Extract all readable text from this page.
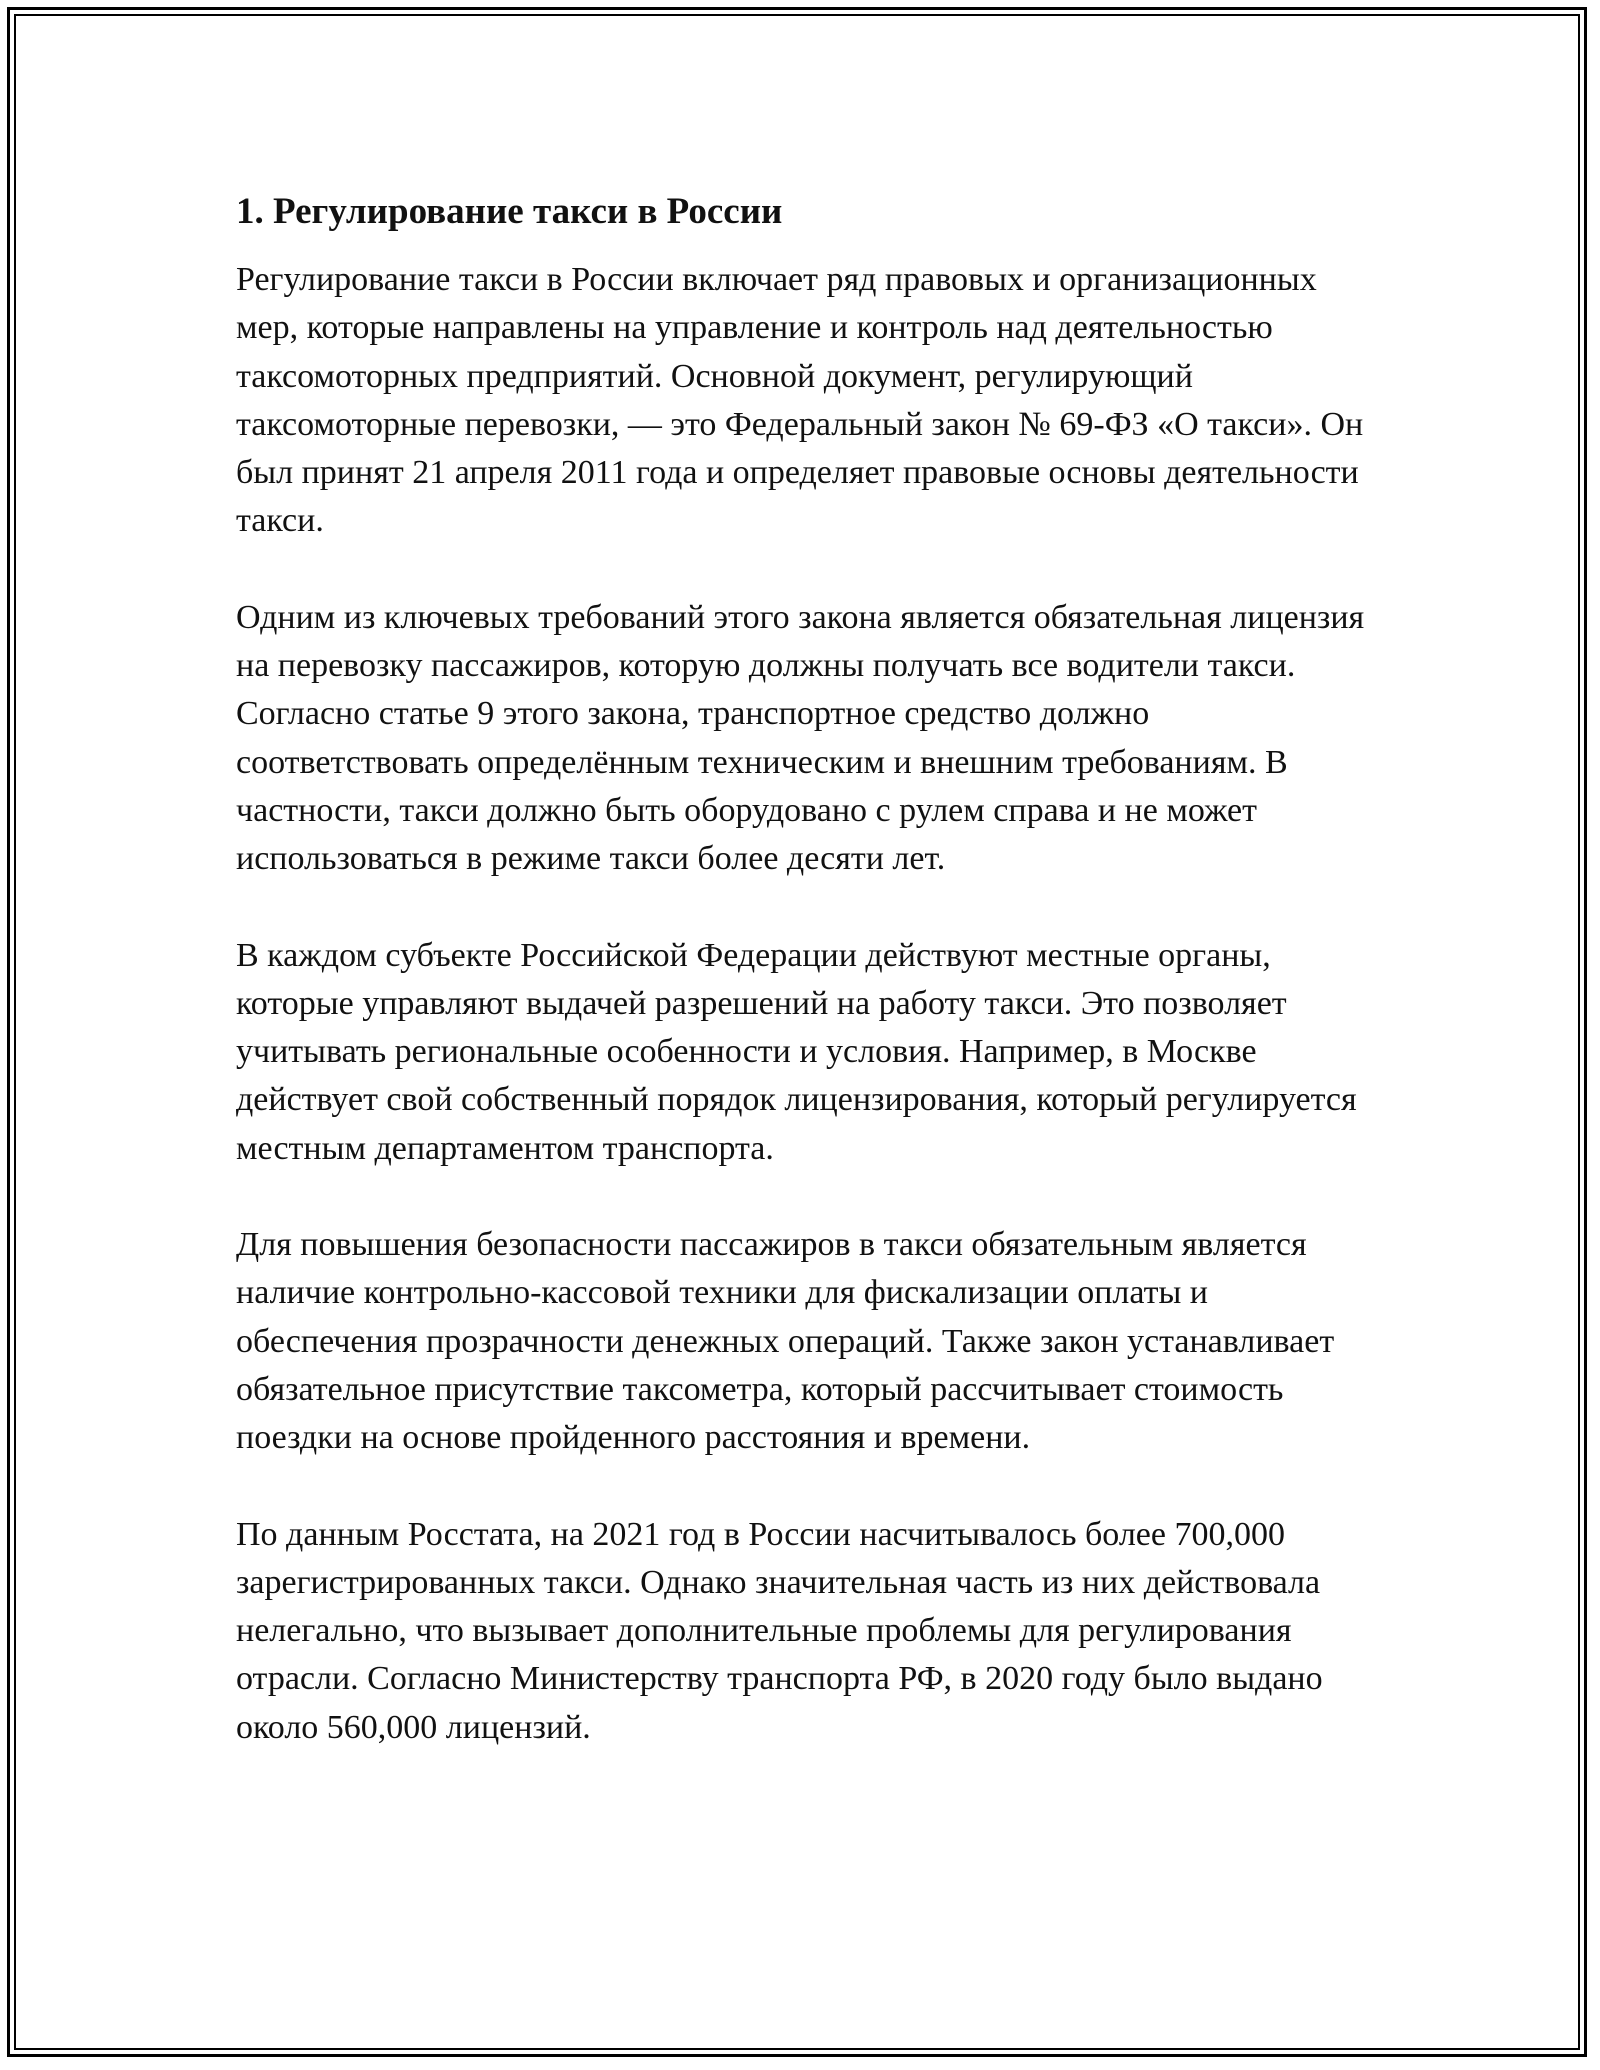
1. Регулирование такси в России

Регулирование такси в России включает ряд правовых и организационных мер, которые направлены на управление и контроль над деятельностью таксомоторных предприятий. Основной документ, регулирующий таксомоторные перевозки, — это Федеральный закон № 69-ФЗ «О такси». Он был принят 21 апреля 2011 года и определяет правовые основы деятельности такси.

Одним из ключевых требований этого закона является обязательная лицензия на перевозку пассажиров, которую должны получать все водители такси. Согласно статье 9 этого закона, транспортное средство должно соответствовать определённым техническим и внешним требованиям. В частности, такси должно быть оборудовано с рулем справа и не может использоваться в режиме такси более десяти лет.

В каждом субъекте Российской Федерации действуют местные органы, которые управляют выдачей разрешений на работу такси. Это позволяет учитывать региональные особенности и условия. Например, в Москве действует свой собственный порядок лицензирования, который регулируется местным департаментом транспорта.

Для повышения безопасности пассажиров в такси обязательным является наличие контрольно-кассовой техники для фискализации оплаты и обеспечения прозрачности денежных операций. Также закон устанавливает обязательное присутствие таксометра, который рассчитывает стоимость поездки на основе пройденного расстояния и времени.

По данным Росстата, на 2021 год в России насчитывалось более 700,000 зарегистрированных такси. Однако значительная часть из них действовала нелегально, что вызывает дополнительные проблемы для регулирования отрасли. Согласно Министерству транспорта РФ, в 2020 году было выдано около 560,000 лицензий.
